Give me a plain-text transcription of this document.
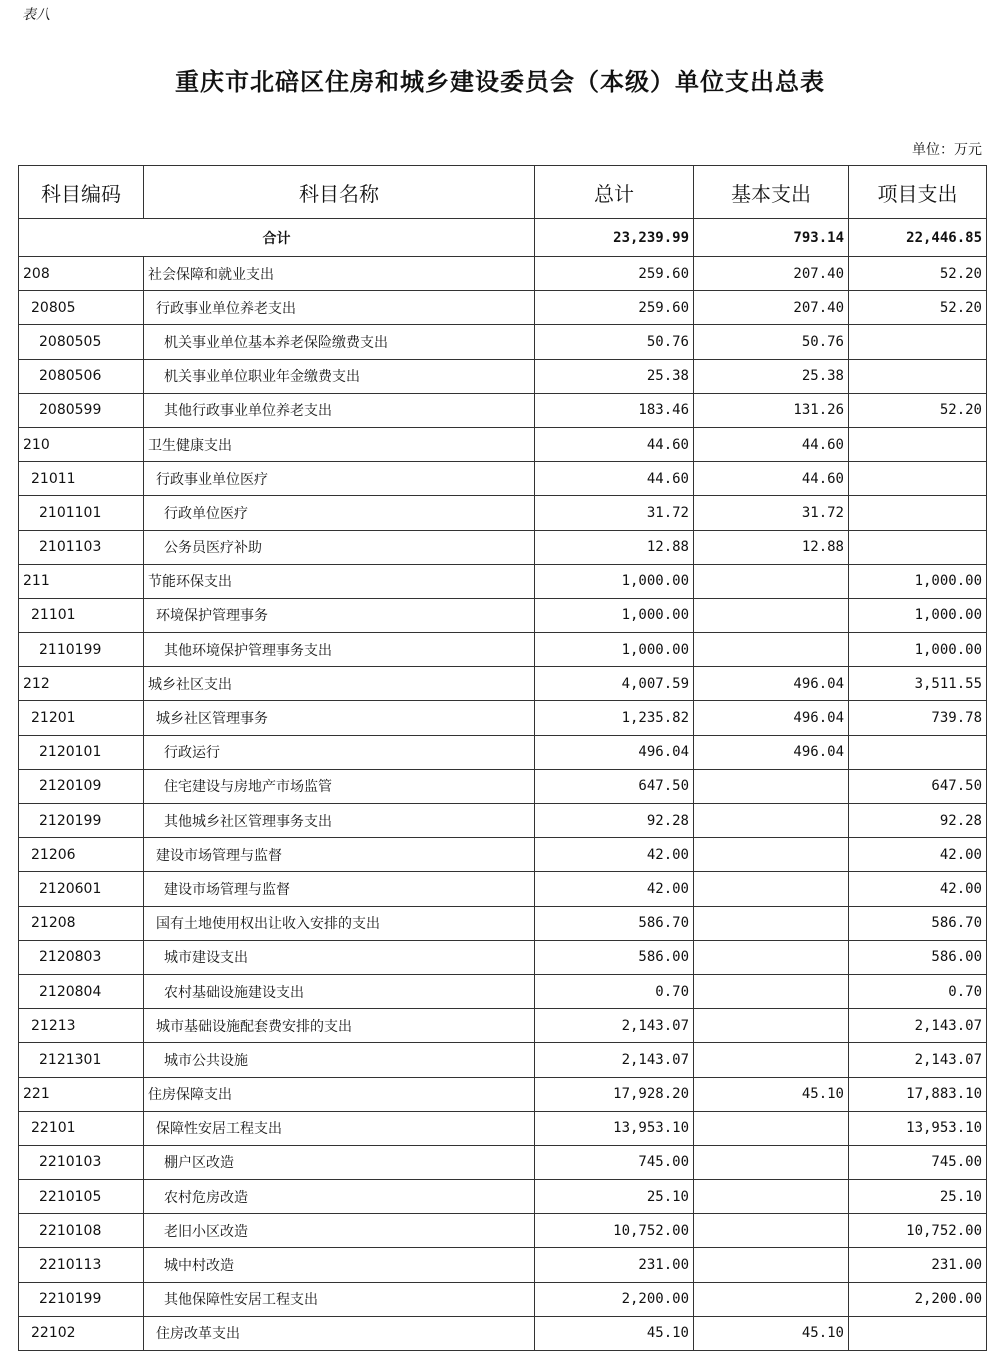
表八
重庆市北碚区住房和城乡建设委员会（本级）单位支出总表
单位：万元
科目编码	科目名称	总计	基本支出	项目支出
合计		23,239.99	793.14	22,446.85
208	社会保障和就业支出	259.60	207.40	52.20
20805	行政事业单位养老支出	259.60	207.40	52.20
2080505	机关事业单位基本养老保险缴费支出	50.76	50.76	
2080506	机关事业单位职业年金缴费支出	25.38	25.38	
2080599	其他行政事业单位养老支出	183.46	131.26	52.20
210	卫生健康支出	44.60	44.60	
21011	行政事业单位医疗	44.60	44.60	
2101101	行政单位医疗	31.72	31.72	
2101103	公务员医疗补助	12.88	12.88	
211	节能环保支出	1,000.00		1,000.00
21101	环境保护管理事务	1,000.00		1,000.00
2110199	其他环境保护管理事务支出	1,000.00		1,000.00
212	城乡社区支出	4,007.59	496.04	3,511.55
21201	城乡社区管理事务	1,235.82	496.04	739.78
2120101	行政运行	496.04	496.04	
2120109	住宅建设与房地产市场监管	647.50		647.50
2120199	其他城乡社区管理事务支出	92.28		92.28
21206	建设市场管理与监督	42.00		42.00
2120601	建设市场管理与监督	42.00		42.00
21208	国有土地使用权出让收入安排的支出	586.70		586.70
2120803	城市建设支出	586.00		586.00
2120804	农村基础设施建设支出	0.70		0.70
21213	城市基础设施配套费安排的支出	2,143.07		2,143.07
2121301	城市公共设施	2,143.07		2,143.07
221	住房保障支出	17,928.20	45.10	17,883.10
22101	保障性安居工程支出	13,953.10		13,953.10
2210103	棚户区改造	745.00		745.00
2210105	农村危房改造	25.10		25.10
2210108	老旧小区改造	10,752.00		10,752.00
2210113	城中村改造	231.00		231.00
2210199	其他保障性安居工程支出	2,200.00		2,200.00
22102	住房改革支出	45.10	45.10	
